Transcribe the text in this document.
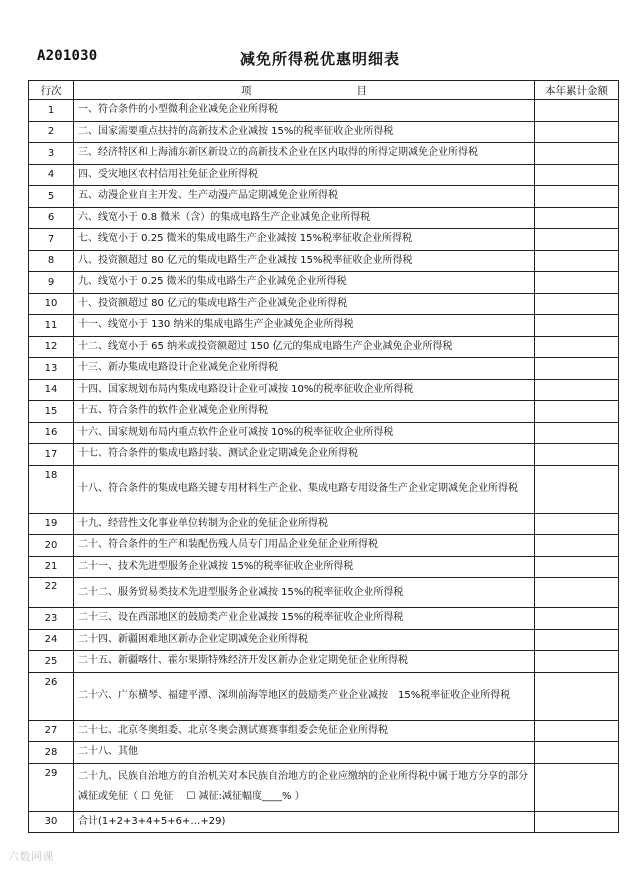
A201030	减免所得税优惠明细表
行次	项　　　　　　　　　　目	本年累计金额
1	一、符合条件的小型微利企业减免企业所得税	
2	二、国家需要重点扶持的高新技术企业减按 15%的税率征收企业所得税	
3	三、经济特区和上海浦东新区新设立的高新技术企业在区内取得的所得定期减免企业所得税	
4	四、受灾地区农村信用社免征企业所得税	
5	五、动漫企业自主开发、生产动漫产品定期减免企业所得税	
6	六、线宽小于 0.8 微米（含）的集成电路生产企业减免企业所得税	
7	七、线宽小于 0.25 微米的集成电路生产企业减按 15%税率征收企业所得税	
8	八、投资额超过 80 亿元的集成电路生产企业减按 15%税率征收企业所得税	
9	九、线宽小于 0.25 微米的集成电路生产企业减免企业所得税	
10	十、投资额超过 80 亿元的集成电路生产企业减免企业所得税	
11	十一、线宽小于 130 纳米的集成电路生产企业减免企业所得税	
12	十二、线宽小于 65 纳米或投资额超过 150 亿元的集成电路生产企业减免企业所得税	
13	十三、新办集成电路设计企业减免企业所得税	
14	十四、国家规划布局内集成电路设计企业可减按 10%的税率征收企业所得税	
15	十五、符合条件的软件企业减免企业所得税	
16	十六、国家规划布局内重点软件企业可减按 10%的税率征收企业所得税	
17	十七、符合条件的集成电路封装、测试企业定期减免企业所得税	
18	十八、符合条件的集成电路关键专用材料生产企业、集成电路专用设备生产企业定期减免企业所得税	
19	十九、经营性文化事业单位转制为企业的免征企业所得税	
20	二十、符合条件的生产和装配伤残人员专门用品企业免征企业所得税	
21	二十一、技术先进型服务企业减按 15%的税率征收企业所得税	
22	二十二、服务贸易类技术先进型服务企业减按 15%的税率征收企业所得税	
23	二十三、设在西部地区的鼓励类产业企业减按 15%的税率征收企业所得税	
24	二十四、新疆困难地区新办企业定期减免企业所得税	
25	二十五、新疆喀什、霍尔果斯特殊经济开发区新办企业定期免征企业所得税	
26	二十六、广东横琴、福建平潭、深圳前海等地区的鼓励类产业企业减按　15%税率征收企业所得税	
27	二十七、北京冬奥组委、北京冬奥会测试赛赛事组委会免征企业所得税	
28	二十八、其他	
29	二十九、民族自治地方的自治机关对本民族自治地方的企业应缴纳的企业所得税中属于地方分享的部分减征或免征（ ☐ 免征　 ☐ 减征:减征幅度____% ）	
30	合计(1+2+3+4+5+6+…+29)	
六数网课
